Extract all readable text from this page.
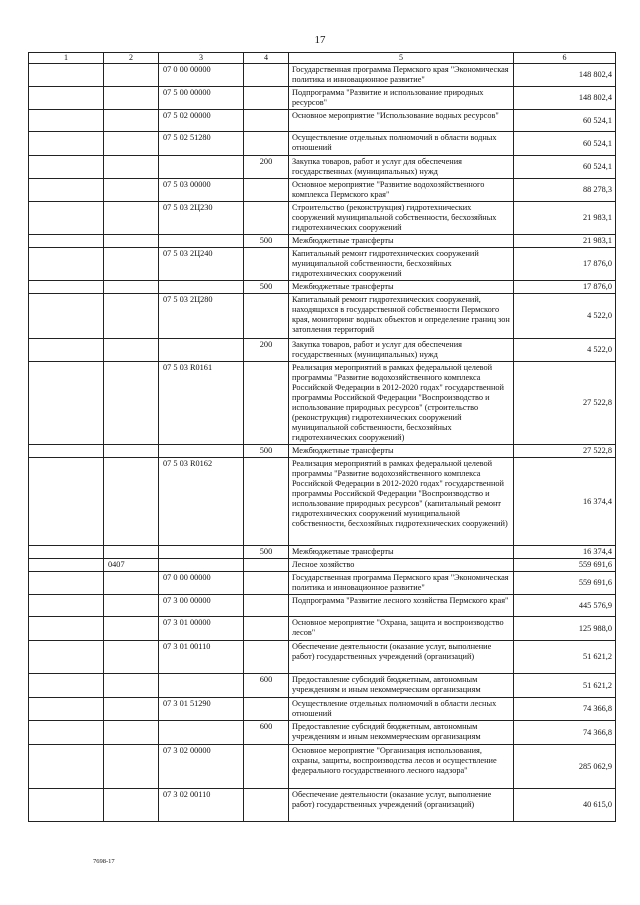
17
1	2	3	4	5	6
		07 0 00 00000		Государственная программа Пермского края "Экономическая политика и инновационное развитие"	148 802,4
		07 5 00 00000		Подпрограмма "Развитие и использование природных ресурсов"	148 802,4
		07 5 02 00000		Основное мероприятие "Использование водных ресурсов"	60 524,1
		07 5 02 51280		Осуществление отдельных полномочий в области водных отношений	60 524,1
			200	Закупка товаров, работ и услуг для обеспечения государственных (муниципальных) нужд	60 524,1
		07 5 03 00000		Основное мероприятие "Развитие водохозяйственного комплекса Пермского края"	88 278,3
		07 5 03 2Ц230		Строительство (реконструкция) гидротехнических сооружений муниципальной собственности, бесхозяйных гидротехнических сооружений	21 983,1
			500	Межбюджетные трансферты	21 983,1
		07 5 03 2Ц240		Капитальный ремонт гидротехнических сооружений муниципальной собственности, бесхозяйных гидротехнических сооружений	17 876,0
			500	Межбюджетные трансферты	17 876,0
		07 5 03 2Ц280		Капитальный ремонт гидротехнических сооружений, находящихся в государственной собственности Пермского края, мониторинг водных объектов и определение границ зон затопления территорий	4 522,0
			200	Закупка товаров, работ и услуг для обеспечения государственных (муниципальных) нужд	4 522,0
		07 5 03 R0161		Реализация мероприятий в рамках федеральной целевой программы "Развитие водохозяйственного комплекса Российской Федерации в 2012-2020 годах" государственной программы Российской Федерации "Воспроизводство и использование природных ресурсов" (строительство (реконструкция) гидротехнических сооружений муниципальной собственности, бесхозяйных гидротехнических сооружений)	27 522,8
			500	Межбюджетные трансферты	27 522,8
		07 5 03 R0162		Реализация мероприятий в рамках федеральной целевой программы "Развитие водохозяйственного комплекса Российской Федерации в 2012-2020 годах" государственной программы Российской Федерации "Воспроизводство и использование природных ресурсов" (капитальный ремонт гидротехнических сооружений муниципальной собственности, бесхозяйных гидротехнических сооружений)	16 374,4
			500	Межбюджетные трансферты	16 374,4
	0407			Лесное хозяйство	559 691,6
		07 0 00 00000		Государственная программа Пермского края "Экономическая политика и инновационное развитие"	559 691,6
		07 3 00 00000		Подпрограмма "Развитие лесного хозяйства Пермского края"	445 576,9
		07 3 01 00000		Основное мероприятие "Охрана, защита и воспроизводство лесов"	125 988,0
		07 3 01 00110		Обеспечение деятельности (оказание услуг, выполнение работ) государственных учреждений (организаций)	51 621,2
			600	Предоставление субсидий бюджетным, автономным учреждениям и иным некоммерческим организациям	51 621,2
		07 3 01 51290		Осуществление отдельных полномочий в области лесных отношений	74 366,8
			600	Предоставление субсидий бюджетным, автономным учреждениям и иным некоммерческим организациям	74 366,8
		07 3 02 00000		Основное мероприятие "Организация использования, охраны, защиты, воспроизводства лесов и осуществление федерального государственного лесного надзора"	285 062,9
		07 3 02 00110		Обеспечение деятельности (оказание услуг, выполнение работ) государственных учреждений (организаций)	40 615,0
7698-17
